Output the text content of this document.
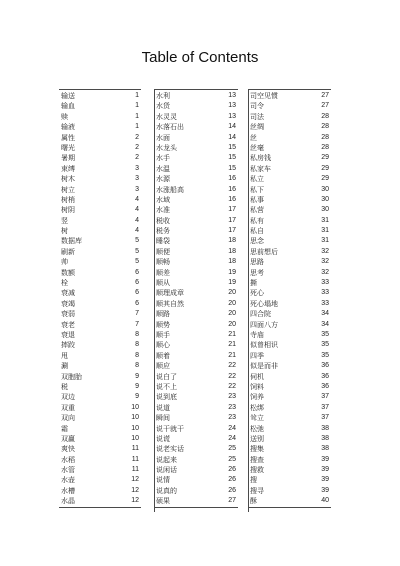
Table of Contents
输送	1
输血	1
赎	1
输液	1
属性	2
曙光	2
暑期	2
束缚	3
树木	3
树立	3
树梢	4
树阴	4
竖	4
树	4
数据库	5
刷新	5
帅	5
数额	6
栓	6
衰减	6
衰竭	6
衰弱	7
衰老	7
衰退	8
摔跤	8
甩	8
涮	8
双胞胎	9
税	9
双边	9
双重	10
双向	10
霜	10
双赢	10
爽快	11
水稻	11
水管	11
水壶	12
水槽	12
水晶	12
水利	13
水货	13
水灵灵	13
水落石出	14
水面	14
水龙头	15
水手	15
水温	15
水源	16
水涨船高	16
水域	16
水准	17
税收	17
税务	17
睡袋	18
顺便	18
顺畅	18
顺差	19
顺从	19
顺理成章	20
顺其自然	20
顺路	20
顺势	20
顺手	21
顺心	21
顺着	21
顺应	22
说白了	22
说不上	22
说到底	23
说道	23
瞬间	23
说干就干	24
说谎	24
说老实话	25
说起来	25
说闲话	26
说情	26
说真的	26
硕果	27
司空见惯	27
司令	27
司法	28
丝绸	28
丝	28
丝毫	28
私房钱	29
私家车	29
私立	29
私下	30
私事	30
私营	30
私有	31
私自	31
思念	31
思前想后	32
思路	32
思考	32
撕	33
死心	33
死心塌地	33
四合院	34
四面八方	34
寺庙	35
似曾相识	35
四季	35
似是而非	36
伺机	36
饲料	36
饲养	37
松绑	37
耸立	37
松弛	38
送别	38
搜集	38
搜查	39
搜救	39
搜	39
搜寻	39
酥	40
